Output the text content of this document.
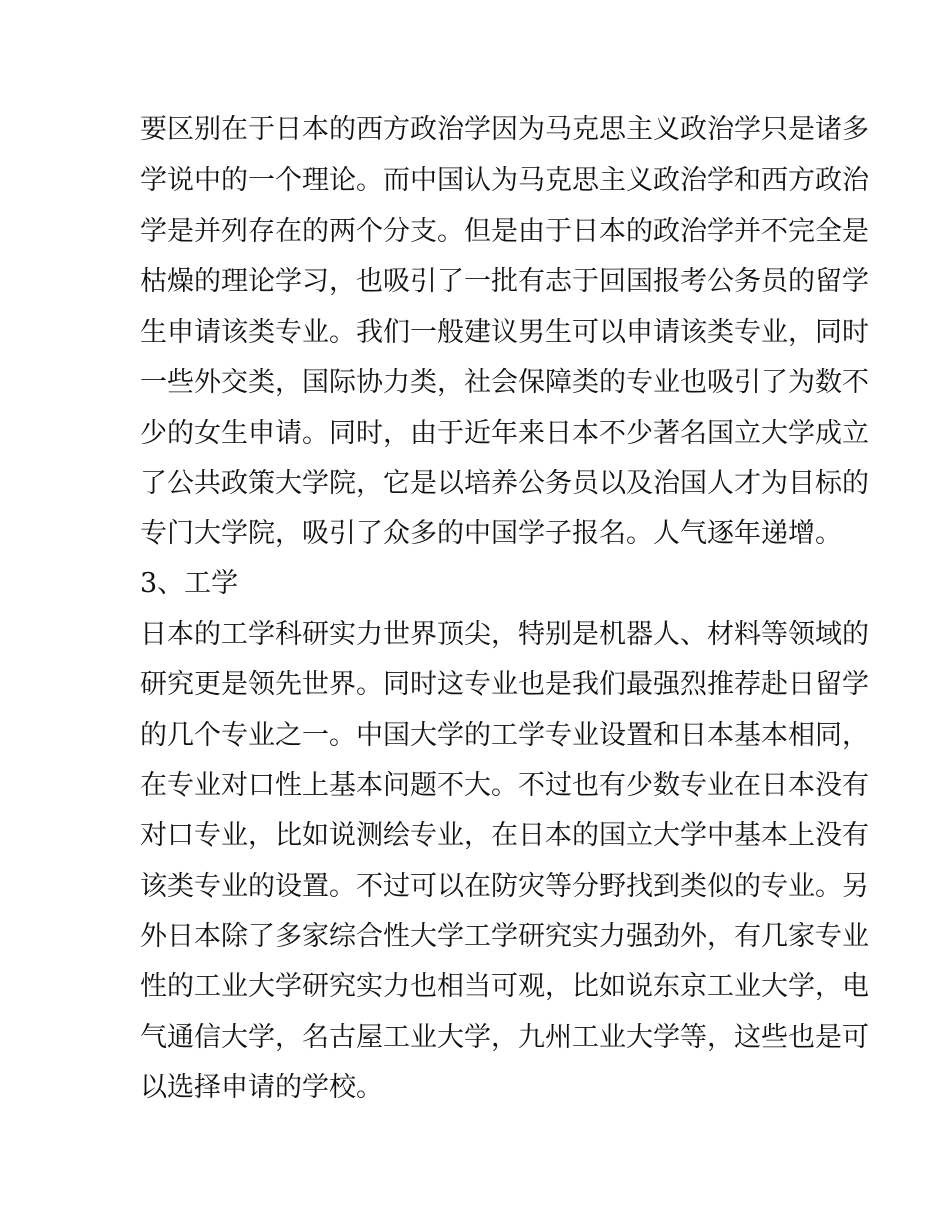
要区别在于日本的西方政治学因为马克思主义政治学只是诸多
学说中的一个理论。而中国认为马克思主义政治学和西方政治
学是并列存在的两个分支。但是由于日本的政治学并不完全是
枯燥的理论学习，也吸引了一批有志于回国报考公务员的留学
生申请该类专业。我们一般建议男生可以申请该类专业，同时
一些外交类，国际协力类，社会保障类的专业也吸引了为数不
少的女生申请。同时，由于近年来日本不少著名国立大学成立
了公共政策大学院，它是以培养公务员以及治国人才为目标的
专门大学院，吸引了众多的中国学子报名。人气逐年递增。
3、工学
日本的工学科研实力世界顶尖，特别是机器人、材料等领域的
研究更是领先世界。同时这专业也是我们最强烈推荐赴日留学
的几个专业之一。中国大学的工学专业设置和日本基本相同，
在专业对口性上基本问题不大。不过也有少数专业在日本没有
对口专业，比如说测绘专业，在日本的国立大学中基本上没有
该类专业的设置。不过可以在防灾等分野找到类似的专业。另
外日本除了多家综合性大学工学研究实力强劲外，有几家专业
性的工业大学研究实力也相当可观，比如说东京工业大学，电
气通信大学，名古屋工业大学，九州工业大学等，这些也是可
以选择申请的学校。
